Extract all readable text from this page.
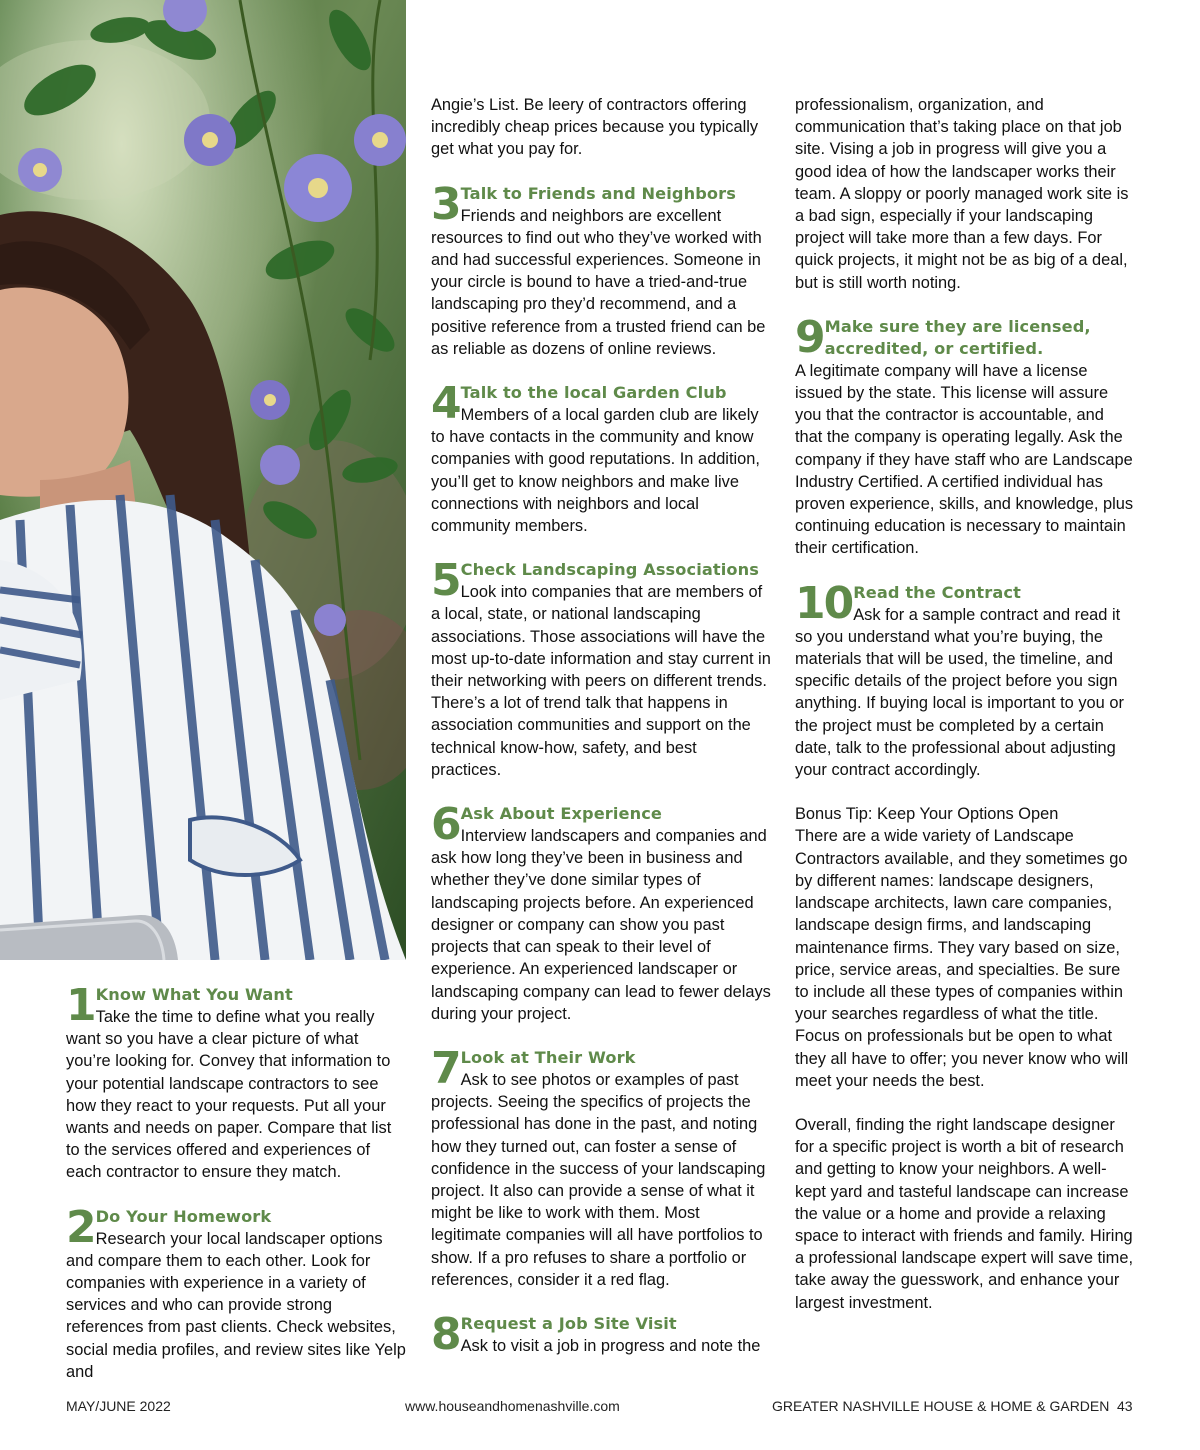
1 Know What You Want

Take the time to define what you really want so you have a clear picture of what you’re looking for. Convey that information to your potential landscape contractors to see how they react to your requests. Put all your wants and needs on paper. Compare that list to the services offered and experiences of each contractor to ensure they match.

2 Do Your Homework

Research your local landscaper options and compare them to each other. Look for companies with experience in a variety of services and who can provide strong references from past clients. Check websites, social media profiles, and review sites like Yelp and

Angie’s List. Be leery of contractors offering incredibly cheap prices because you typically get what you pay for.

3 Talk to Friends and Neighbors

Friends and neighbors are excellent resources to find out who they’ve worked with and had successful experiences. Someone in your circle is bound to have a tried-and-true landscaping pro they’d recommend, and a positive reference from a trusted friend can be as reliable as dozens of online reviews.

4 Talk to the local Garden Club

Members of a local garden club are likely to have contacts in the community and know companies with good reputations. In addition, you’ll get to know neighbors and make live connections with neighbors and local community members.

5 Check Landscaping Associations

Look into companies that are members of a local, state, or national landscaping associations. Those associations will have the most up-to-date information and stay current in their networking with peers on different trends. There’s a lot of trend talk that happens in association communities and support on the technical know-how, safety, and best practices.

6 Ask About Experience

Interview landscapers and companies and ask how long they’ve been in business and whether they’ve done similar types of landscaping projects before. An experienced designer or company can show you past projects that can speak to their level of experience. An experienced landscaper or landscaping company can lead to fewer delays during your project.

7 Look at Their Work

Ask to see photos or examples of past projects. Seeing the specifics of projects the professional has done in the past, and noting how they turned out, can foster a sense of confidence in the success of your landscaping project. It also can provide a sense of what it might be like to work with them. Most legitimate companies will all have portfolios to show. If a pro refuses to share a portfolio or references, consider it a red flag.

8 Request a Job Site Visit

Ask to visit a job in progress and note the

professionalism, organization, and communication that’s taking place on that job site. Vising a job in progress will give you a good idea of how the landscaper works their team. A sloppy or poorly managed work site is a bad sign, especially if your landscaping project will take more than a few days. For quick projects, it might not be as big of a deal, but is still worth noting.

9 Make sure they are licensed, accredited, or certified.

A legitimate company will have a license issued by the state. This license will assure you that the contractor is accountable, and that the company is operating legally. Ask the company if they have staff who are Landscape Industry Certified. A certified individual has proven experience, skills, and knowledge, plus continuing education is necessary to maintain their certification.

10 Read the Contract

Ask for a sample contract and read it so you understand what you’re buying, the materials that will be used, the timeline, and specific details of the project before you sign anything. If buying local is important to you or the project must be completed by a certain date, talk to the professional about adjusting your contract accordingly.

Bonus Tip: Keep Your Options Open

There are a wide variety of Landscape Contractors available, and they sometimes go by different names: landscape designers, landscape architects, lawn care companies, landscape design firms, and landscaping maintenance firms. They vary based on size, price, service areas, and specialties. Be sure to include all these types of companies within your searches regardless of what the title. Focus on professionals but be open to what they all have to offer; you never know who will meet your needs the best.

Overall, finding the right landscape designer for a specific project is worth a bit of research and getting to know your neighbors. A well-kept yard and tasteful landscape can increase the value or a home and provide a relaxing space to interact with friends and family. Hiring a professional landscape expert will save time, take away the guesswork, and enhance your largest investment.

MAY/JUNE 2022	www.houseandhomenashville.com	GREATER NASHVILLE HOUSE & HOME & GARDEN 43
